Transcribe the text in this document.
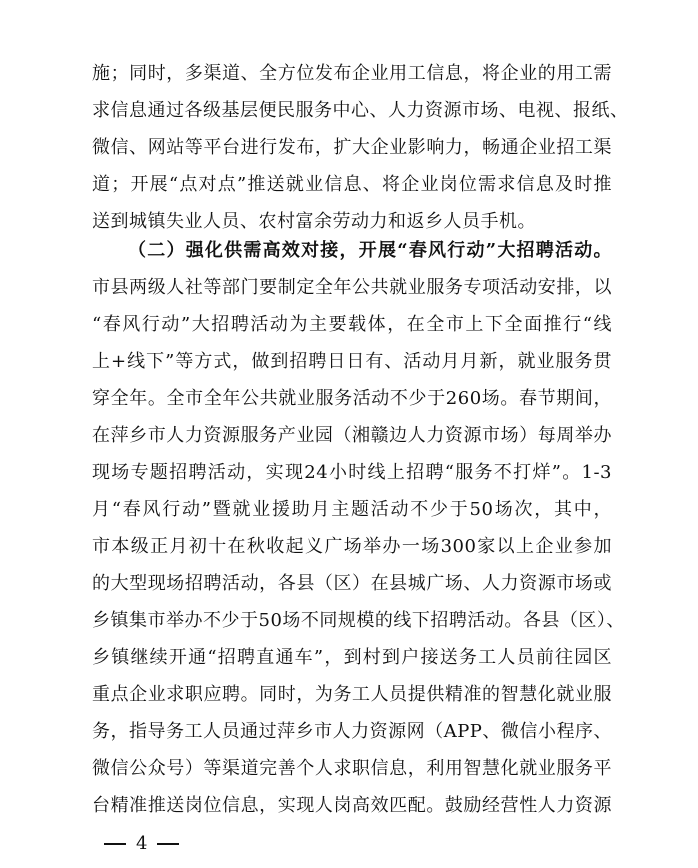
施；同时，多渠道、全方位发布企业用工信息，将企业的用工需
求信息通过各级基层便民服务中心、人力资源市场、电视、报纸、
微信、网站等平台进行发布，扩大企业影响力，畅通企业招工渠
道；开展“点对点”推送就业信息、将企业岗位需求信息及时推
送到城镇失业人员、农村富余劳动力和返乡人员手机。
（二）强化供需高效对接，开展“春风行动”大招聘活动。
市县两级人社等部门要制定全年公共就业服务专项活动安排，以
“春风行动”大招聘活动为主要载体，在全市上下全面推行“线
上+线下”等方式，做到招聘日日有、活动月月新，就业服务贯
穿全年。全市全年公共就业服务活动不少于260场。春节期间，
在萍乡市人力资源服务产业园（湘赣边人力资源市场）每周举办
现场专题招聘活动，实现24小时线上招聘“服务不打烊”。1-3
月“春风行动”暨就业援助月主题活动不少于50场次，其中，
市本级正月初十在秋收起义广场举办一场300家以上企业参加
的大型现场招聘活动，各县（区）在县城广场、人力资源市场或
乡镇集市举办不少于50场不同规模的线下招聘活动。各县（区）、
乡镇继续开通“招聘直通车”，到村到户接送务工人员前往园区
重点企业求职应聘。同时，为务工人员提供精准的智慧化就业服
务，指导务工人员通过萍乡市人力资源网（APP、微信小程序、
微信公众号）等渠道完善个人求职信息，利用智慧化就业服务平
台精准推送岗位信息，实现人岗高效匹配。鼓励经营性人力资源
4
